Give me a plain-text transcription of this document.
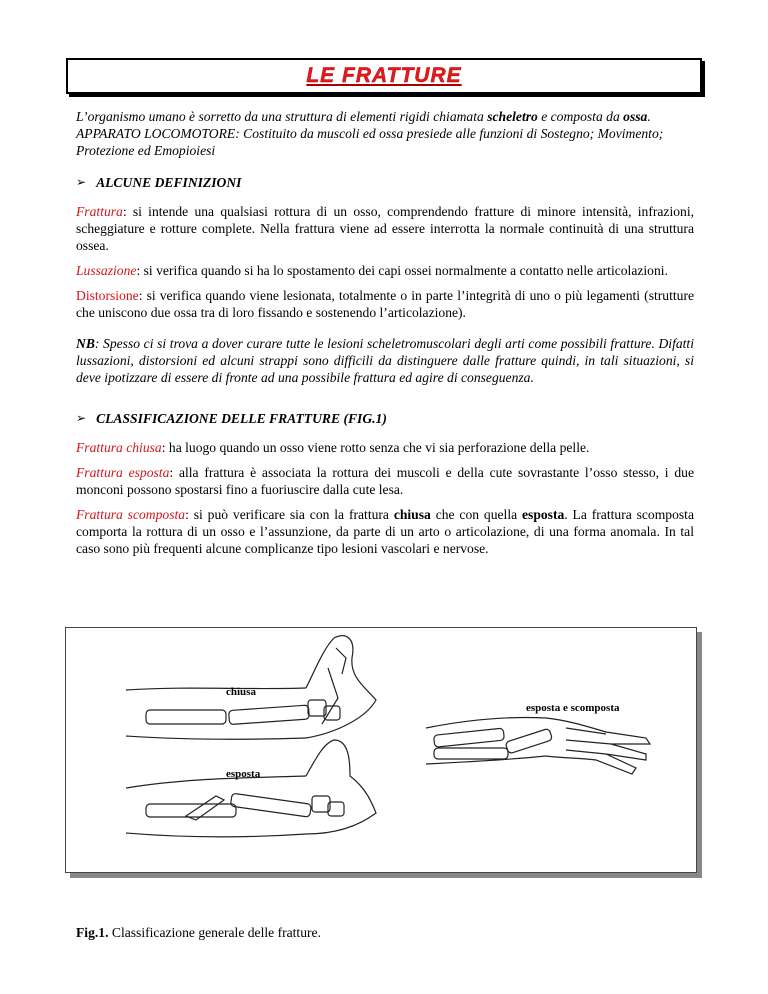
LE FRATTURE

L’organismo umano è sorretto da una struttura di elementi rigidi chiamata scheletro e composta da ossa.
APPARATO LOCOMOTORE: Costituito da muscoli ed ossa presiede alle funzioni di Sostegno; Movimento; Protezione ed Emopioiesi

➢ ALCUNE DEFINIZIONI

Frattura: si intende una qualsiasi rottura di un osso, comprendendo fratture di minore intensità, infrazioni, scheggiature e rotture complete. Nella frattura viene ad essere interrotta la normale continuità di una struttura ossea.

Lussazione: si verifica quando si ha lo spostamento dei capi ossei normalmente a contatto nelle articolazioni.

Distorsione: si verifica quando viene lesionata, totalmente o in parte l’integrità di uno o più legamenti (strutture che uniscono due ossa tra di loro fissando e sostenendo l’articolazione).

NB: Spesso ci si trova a dover curare tutte le lesioni scheletromuscolari degli arti come possibili fratture. Difatti lussazioni, distorsioni ed alcuni strappi sono difficili da distinguere dalle fratture quindi, in tali situazioni, si deve ipotizzare di essere di fronte ad una possibile frattura ed agire di conseguenza.

➢ CLASSIFICAZIONE DELLE FRATTURE (FIG.1)

Frattura chiusa: ha luogo quando un osso viene rotto senza che vi sia perforazione della pelle.

Frattura esposta: alla frattura è associata la rottura dei muscoli e della cute sovrastante l’osso stesso, i due monconi possono spostarsi fino a fuoriuscire dalla cute lesa.

Frattura scomposta: si può verificare sia con la frattura chiusa che con quella esposta. La frattura scomposta comporta la rottura di un osso e l’assunzione, da parte di un arto o articolazione, di una forma anomala. In tal caso sono più frequenti alcune complicanze tipo lesioni vascolari e nervose.

chiusa
esposta
esposta e scomposta
Fig.1. Classificazione generale delle fratture.
